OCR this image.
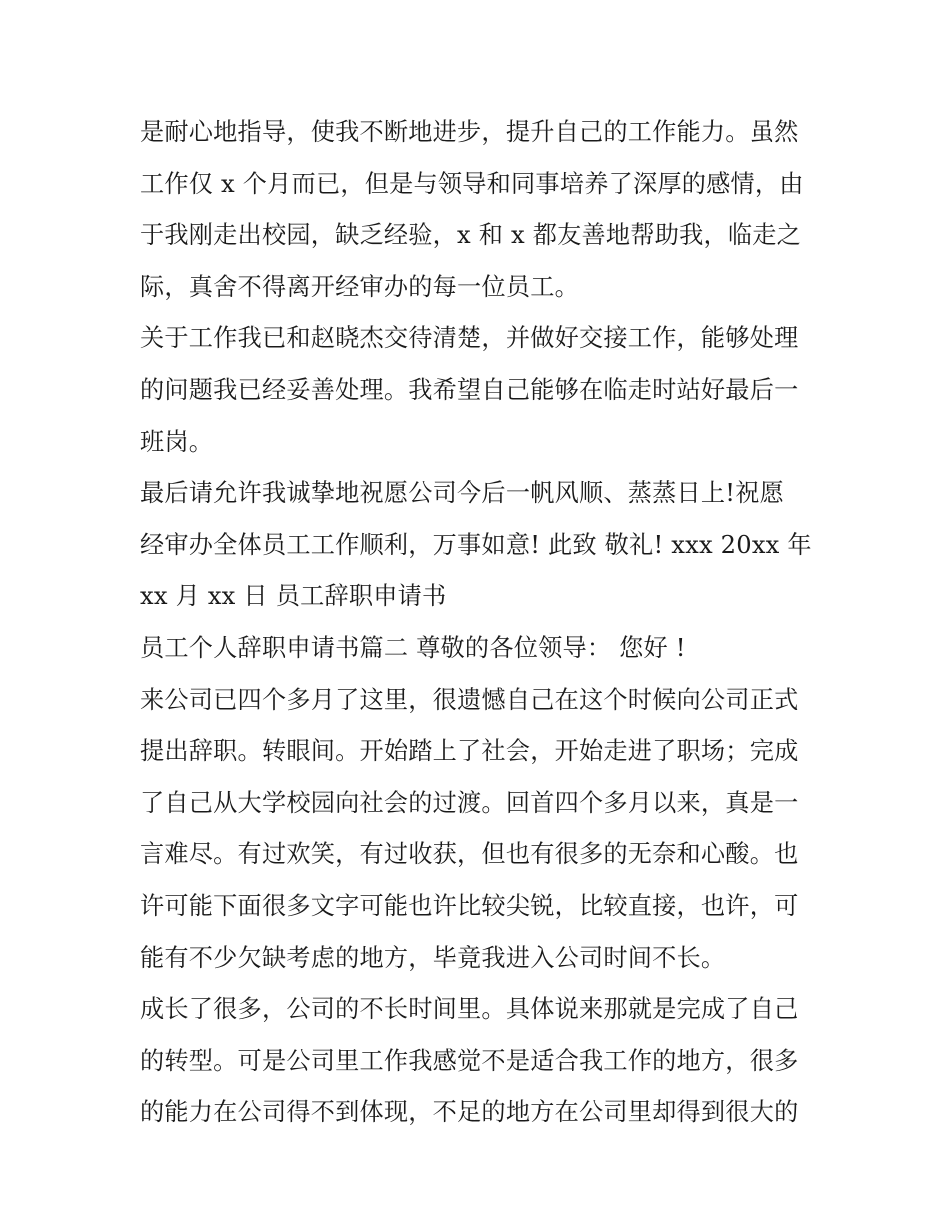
是耐心地指导，使我不断地进步，提升自己的工作能力。虽然
工作仅 x 个月而已，但是与领导和同事培养了深厚的感情，由
于我刚走出校园，缺乏经验，x 和 x 都友善地帮助我，临走之
际，真舍不得离开经审办的每一位员工。
关于工作我已和赵晓杰交待清楚，并做好交接工作，能够处理
的问题我已经妥善处理。我希望自己能够在临走时站好最后一
班岗。
最后请允许我诚挚地祝愿公司今后一帆风顺、蒸蒸日上!祝愿
经审办全体员工工作顺利，万事如意! 此致 敬礼! xxx 20xx 年
xx 月 xx 日 员工辞职申请书
员工个人辞职申请书篇二 尊敬的各位领导： 您好 !
来公司已四个多月了这里，很遗憾自己在这个时候向公司正式
提出辞职。转眼间。开始踏上了社会，开始走进了职场；完成
了自己从大学校园向社会的过渡。回首四个多月以来，真是一
言难尽。有过欢笑，有过收获，但也有很多的无奈和心酸。也
许可能下面很多文字可能也许比较尖锐，比较直接，也许，可
能有不少欠缺考虑的地方，毕竟我进入公司时间不长。
成长了很多，公司的不长时间里。具体说来那就是完成了自己
的转型。可是公司里工作我感觉不是适合我工作的地方，很多
的能力在公司得不到体现，不足的地方在公司里却得到很大的
